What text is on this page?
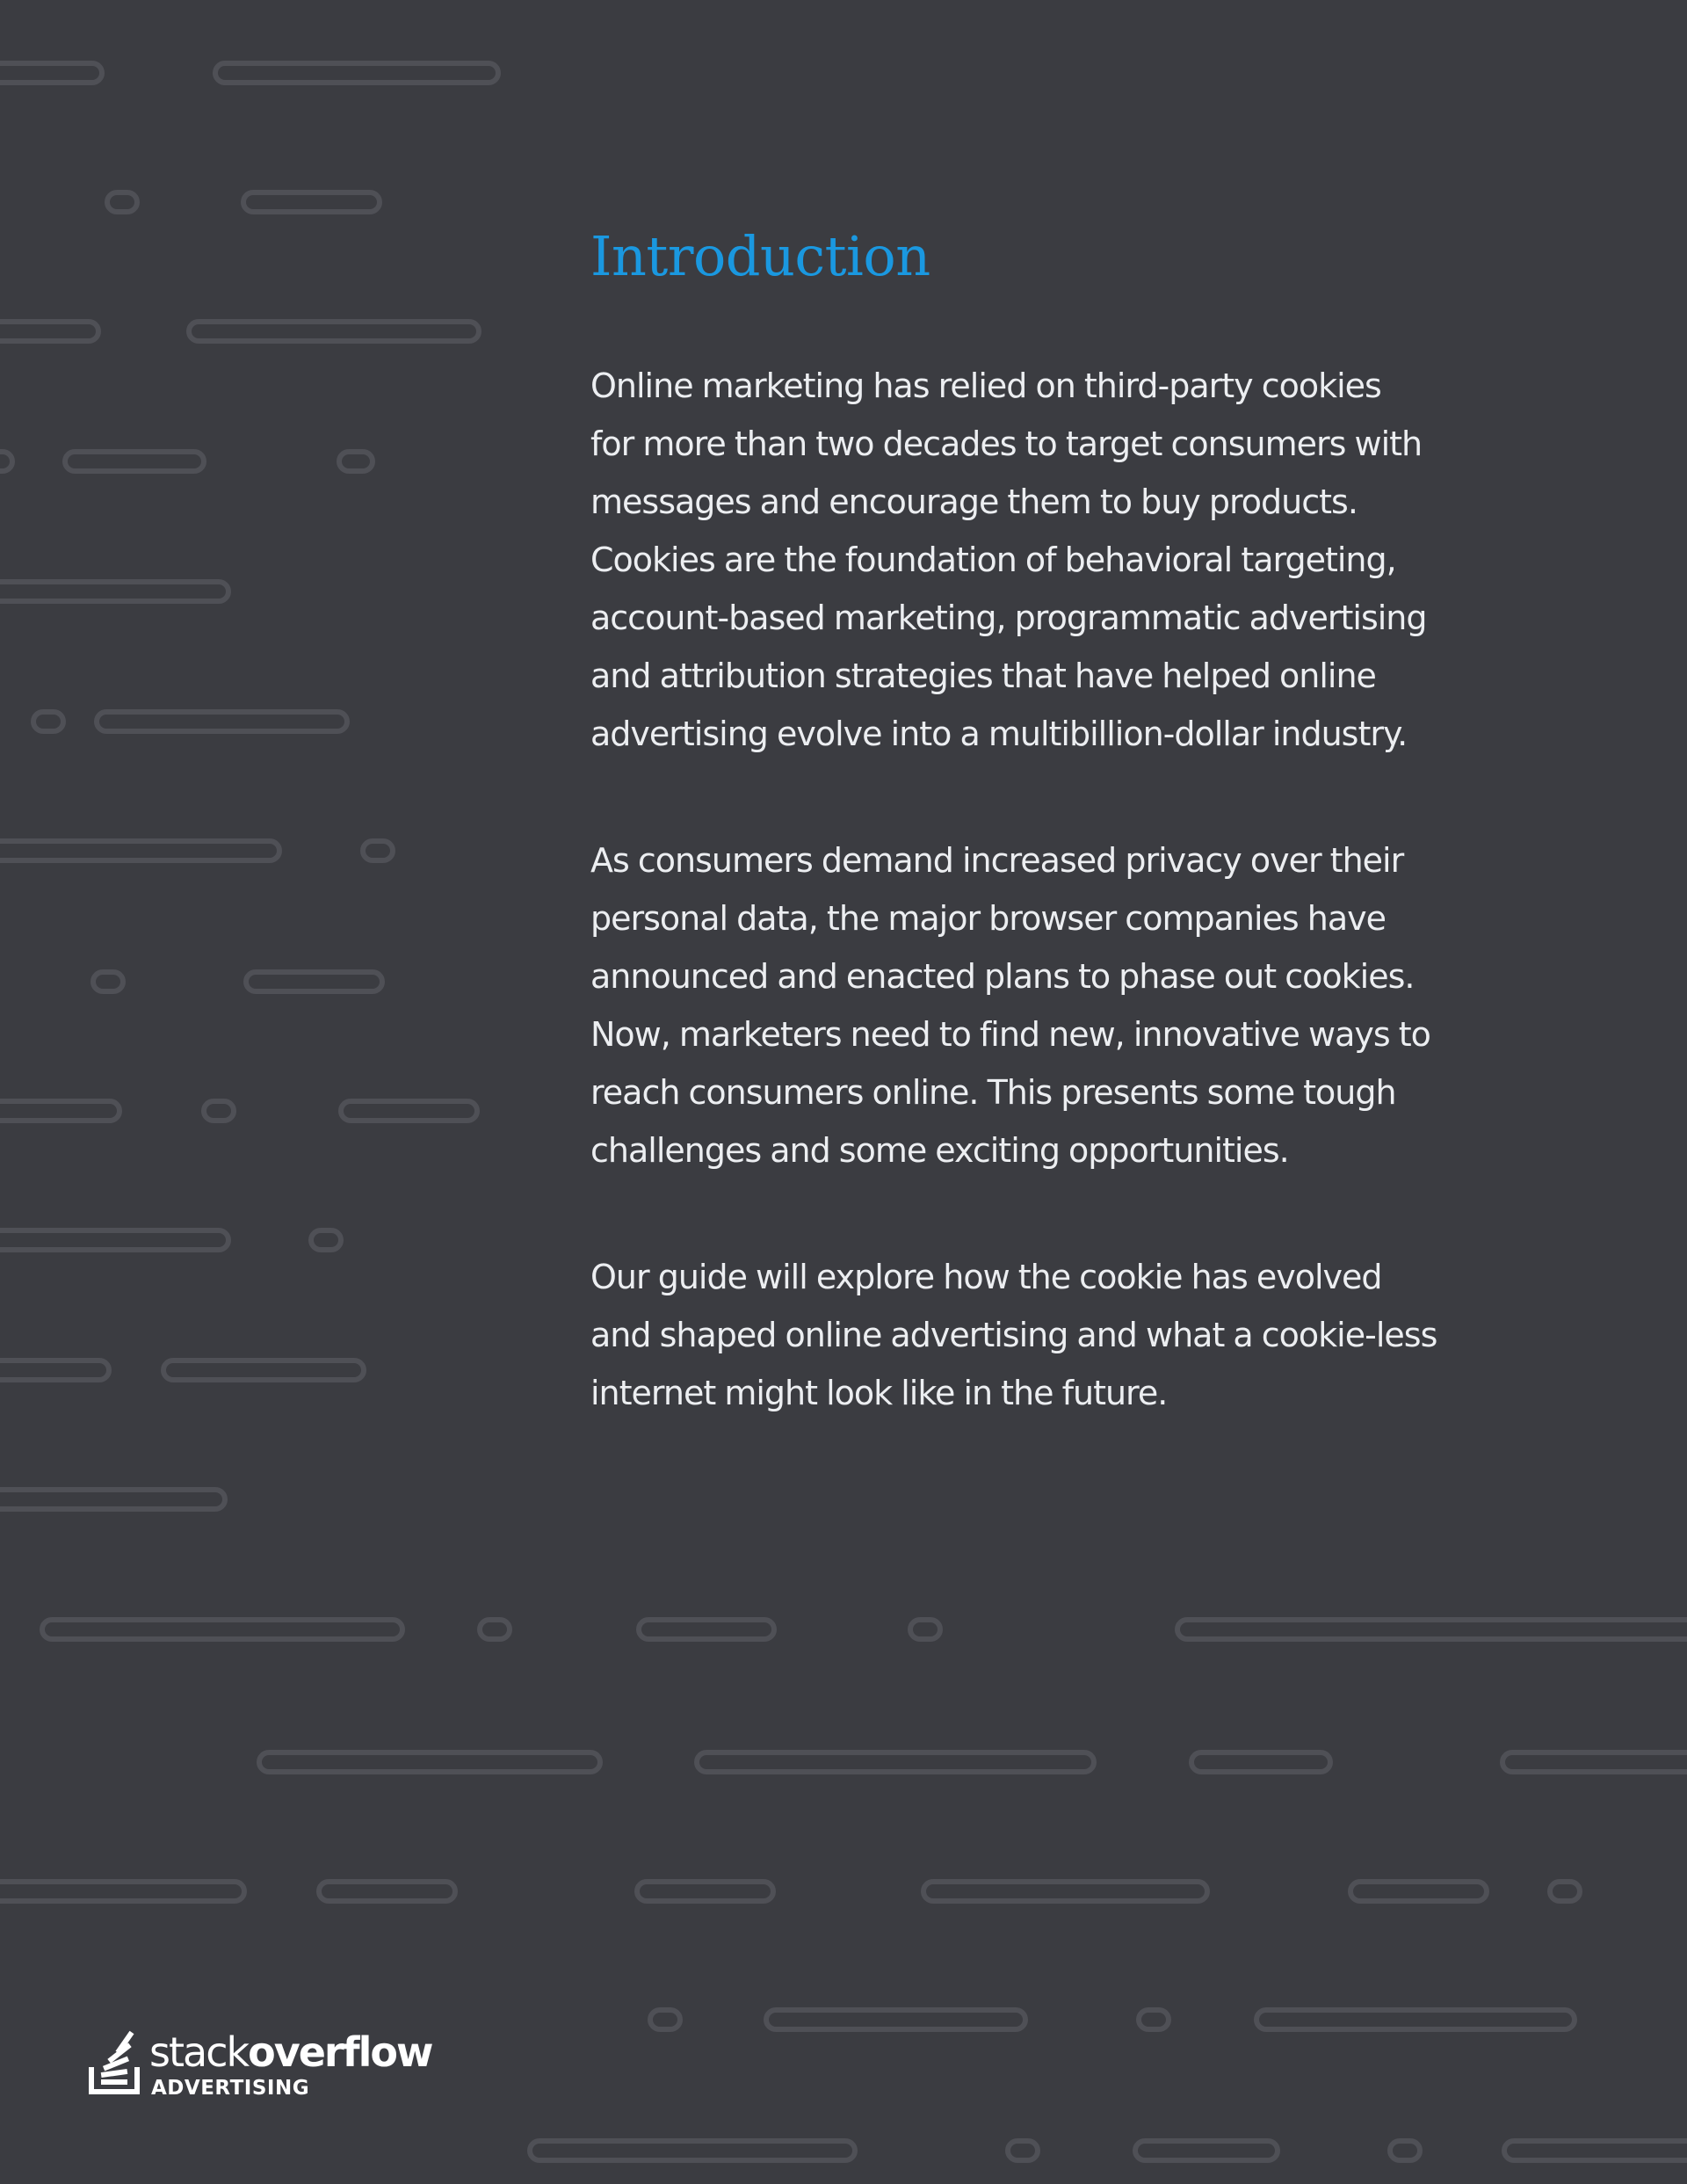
Introduction

Online marketing has relied on third-party cookies
for more than two decades to target consumers with
messages and encourage them to buy products.
Cookies are the foundation of behavioral targeting,
account-based marketing, programmatic advertising
and attribution strategies that have helped online
advertising evolve into a multibillion-dollar industry.

As consumers demand increased privacy over their
personal data, the major browser companies have
announced and enacted plans to phase out cookies.
Now, marketers need to find new, innovative ways to
reach consumers online. This presents some tough
challenges and some exciting opportunities.

Our guide will explore how the cookie has evolved
and shaped online advertising and what a cookie-less
internet might look like in the future.

stackoverflow
ADVERTISING
